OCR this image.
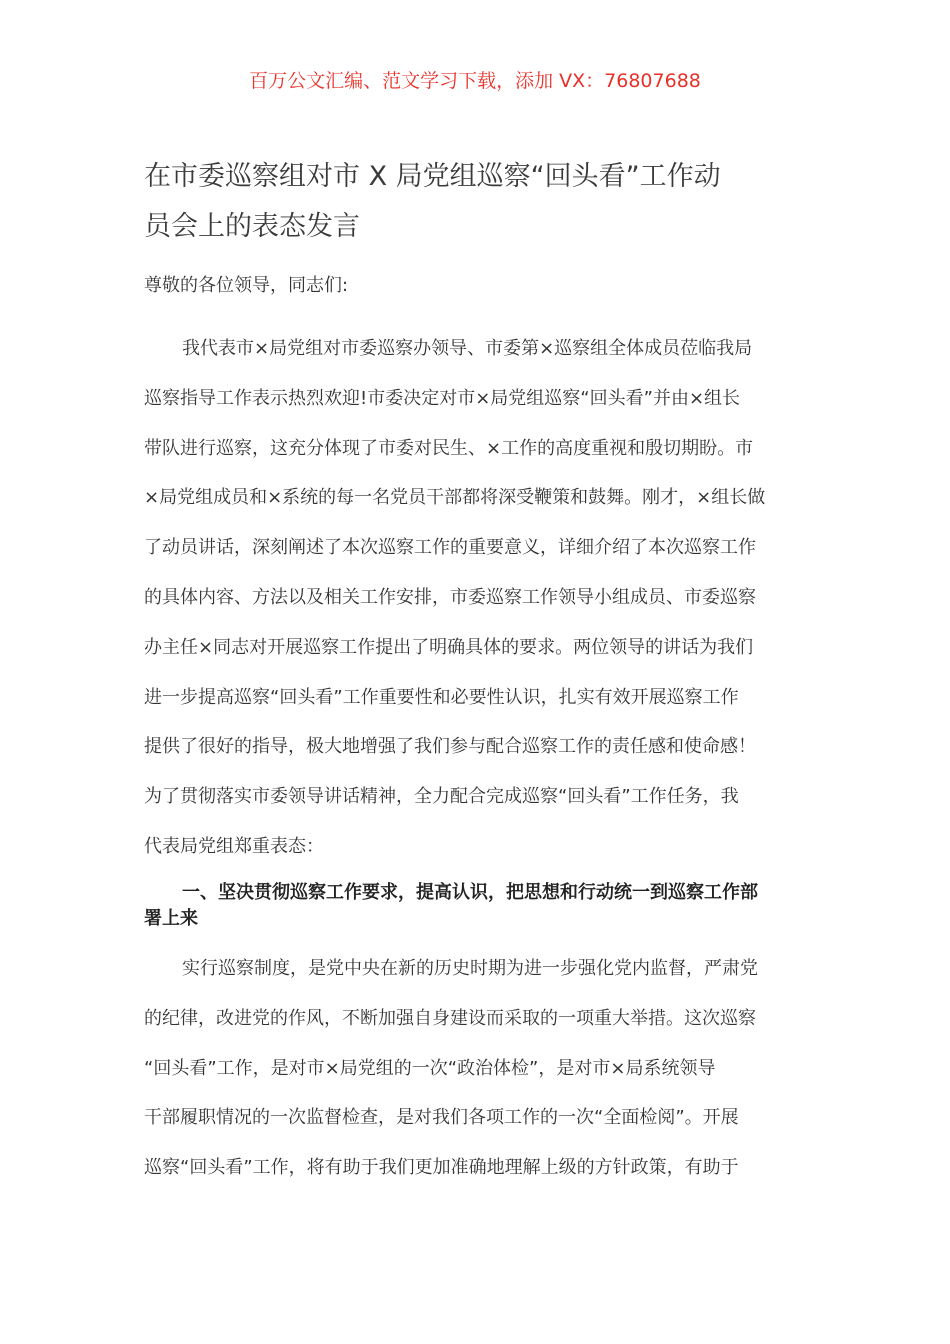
百万公文汇编、范文学习下载，添加 VX：76807688
在市委巡察组对市 X 局党组巡察“回头看”工作动
员会上的表态发言

尊敬的各位领导，同志们:

我代表市×局党组对市委巡察办领导、市委第×巡察组全体成员莅临我局
巡察指导工作表示热烈欢迎!市委决定对市×局党组巡察“回头看”并由×组长
带队进行巡察，这充分体现了市委对民生、×工作的高度重视和殷切期盼。市
×局党组成员和×系统的每一名党员干部都将深受鞭策和鼓舞。刚才，×组长做
了动员讲话，深刻阐述了本次巡察工作的重要意义，详细介绍了本次巡察工作
的具体内容、方法以及相关工作安排，市委巡察工作领导小组成员、市委巡察
办主任×同志对开展巡察工作提出了明确具体的要求。两位领导的讲话为我们
进一步提高巡察“回头看”工作重要性和必要性认识，扎实有效开展巡察工作
提供了很好的指导，极大地增强了我们参与配合巡察工作的责任感和使命感！
为了贯彻落实市委领导讲话精神，全力配合完成巡察“回头看”工作任务，我
代表局党组郑重表态：

一、坚决贯彻巡察工作要求，提高认识，把思想和行动统一到巡察工作部
署上来

实行巡察制度，是党中央在新的历史时期为进一步强化党内监督，严肃党
的纪律，改进党的作风，不断加强自身建设而采取的一项重大举措。这次巡察
“回头看”工作，是对市×局党组的一次“政治体检”，是对市×局系统领导
干部履职情况的一次监督检查，是对我们各项工作的一次“全面检阅”。开展
巡察“回头看”工作，将有助于我们更加准确地理解上级的方针政策，有助于
